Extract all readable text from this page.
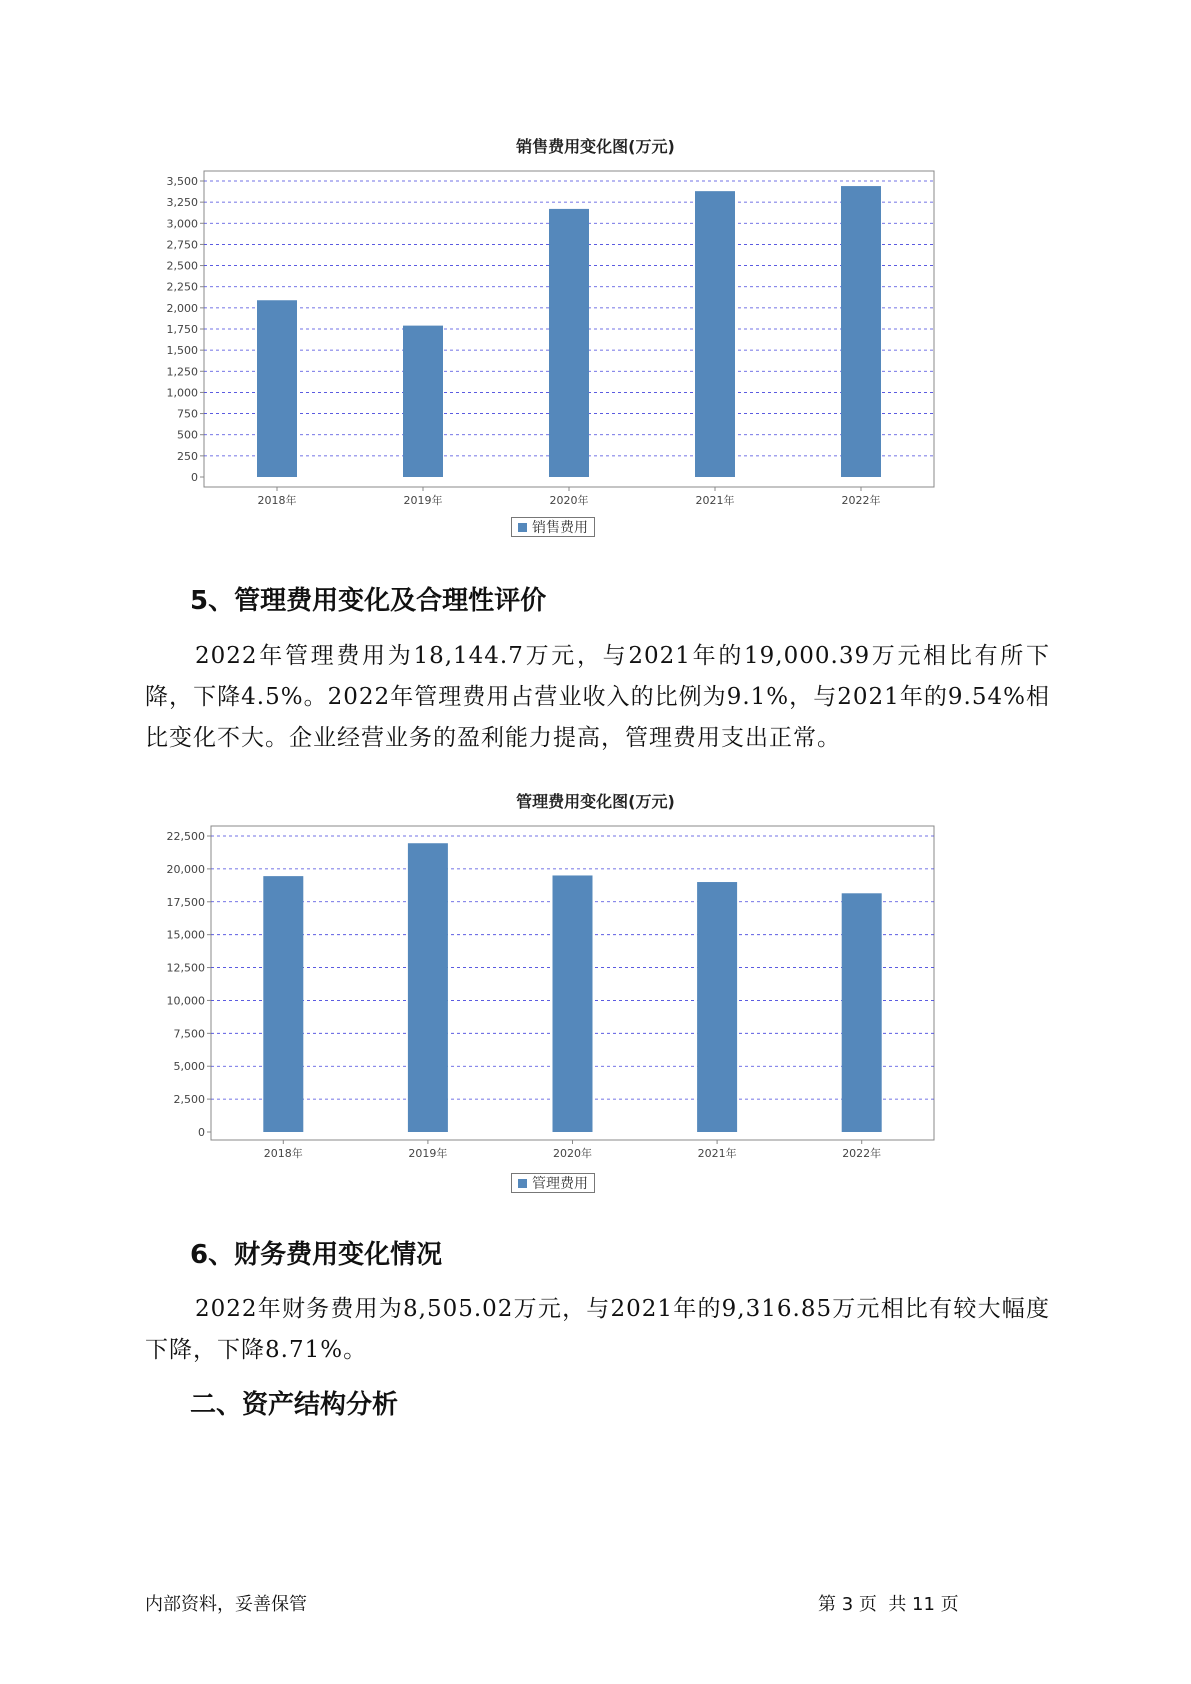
销售费用变化图(万元)
0
250
500
750
1,000
1,250
1,500
1,750
2,000
2,250
2,500
2,750
3,000
3,250
3,500
2018年	2019年	2020年	2021年	2022年
销售费用
5、管理费用变化及合理性评价

2022年管理费用为18,144.7万元，与2021年的19,000.39万元相比有所下降，下降4.5%。2022年管理费用占营业收入的比例为9.1%，与2021年的9.54%相比变化不大。企业经营业务的盈利能力提高，管理费用支出正常。

管理费用变化图(万元)
0
2,500
5,000
7,500
10,000
12,500
15,000
17,500
20,000
22,500
2018年	2019年	2020年	2021年	2022年
管理费用
6、财务费用变化情况

2022年财务费用为8,505.02万元，与2021年的9,316.85万元相比有较大幅度下降，下降8.71%。

二、资产结构分析
内部资料，妥善保管	第 3 页  共 11 页
